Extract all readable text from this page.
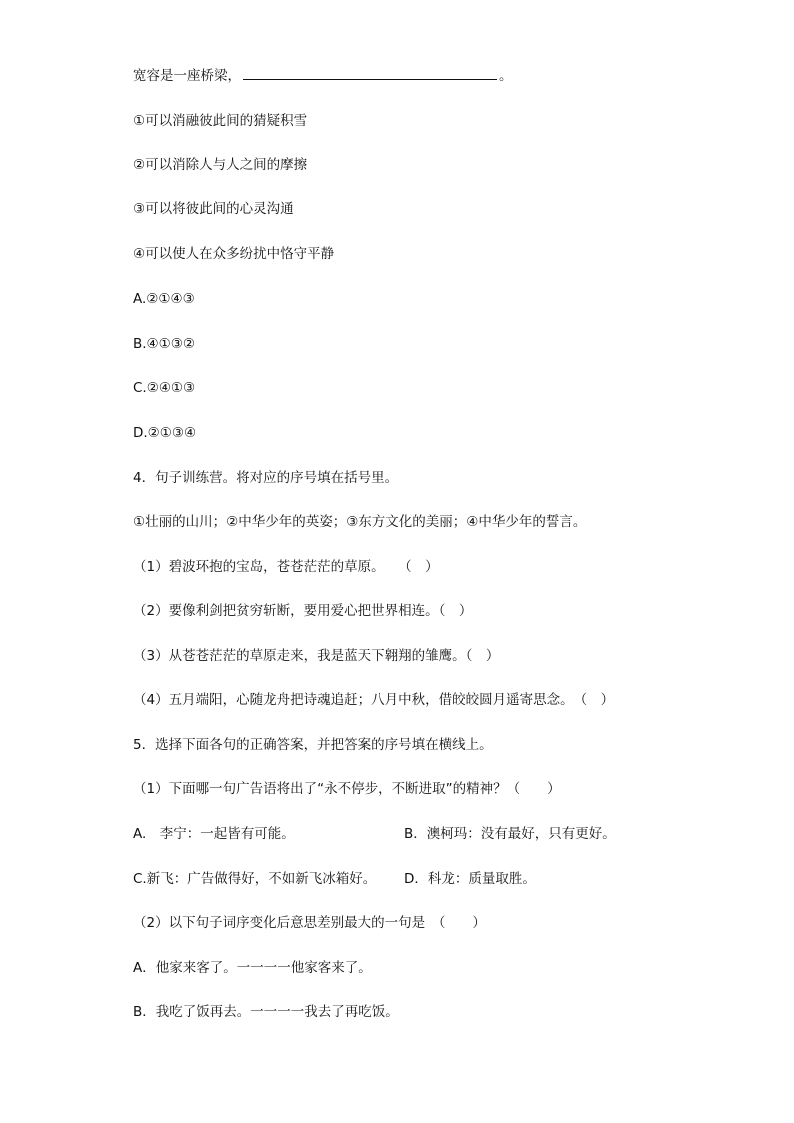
宽容是一座桥梁，	。
①可以消融彼此间的猜疑积雪
②可以消除人与人之间的摩擦
③可以将彼此间的心灵沟通
④可以使人在众多纷扰中恪守平静
A.②①④③
B.④①③②
C.②④①③
D.②①③④
4．句子训练营。将对应的序号填在括号里。
①壮丽的山川；②中华少年的英姿；③东方文化的美丽；④中华少年的誓言。
（1）碧波环抱的宝岛，苍苍茫茫的草原。　　（　）
（2）要像利剑把贫穷斩断，要用爱心把世界相连。（　）
（3）从苍苍茫茫的草原走来，我是蓝天下翱翔的雏鹰。（　）
（4）五月端阳，心随龙舟把诗魂追赶；八月中秋，借皎皎圆月遥寄思念。　（　）
5．选择下面各句的正确答案，并把答案的序号填在横线上。
（1）下面哪一句广告语将出了“永不停步，不断进取”的精神？（　　）
A.　李宁：一起皆有可能。	B．澳柯玛：没有最好，只有更好。
C.新飞：广告做得好，不如新飞冰箱好。 D．科龙：质量取胜。
（2）以下句子词序变化后意思差别最大的一句是　（　　）
A．他家来客了。一一一一他家客来了。
B．我吃了饭再去。一一一一我去了再吃饭。
